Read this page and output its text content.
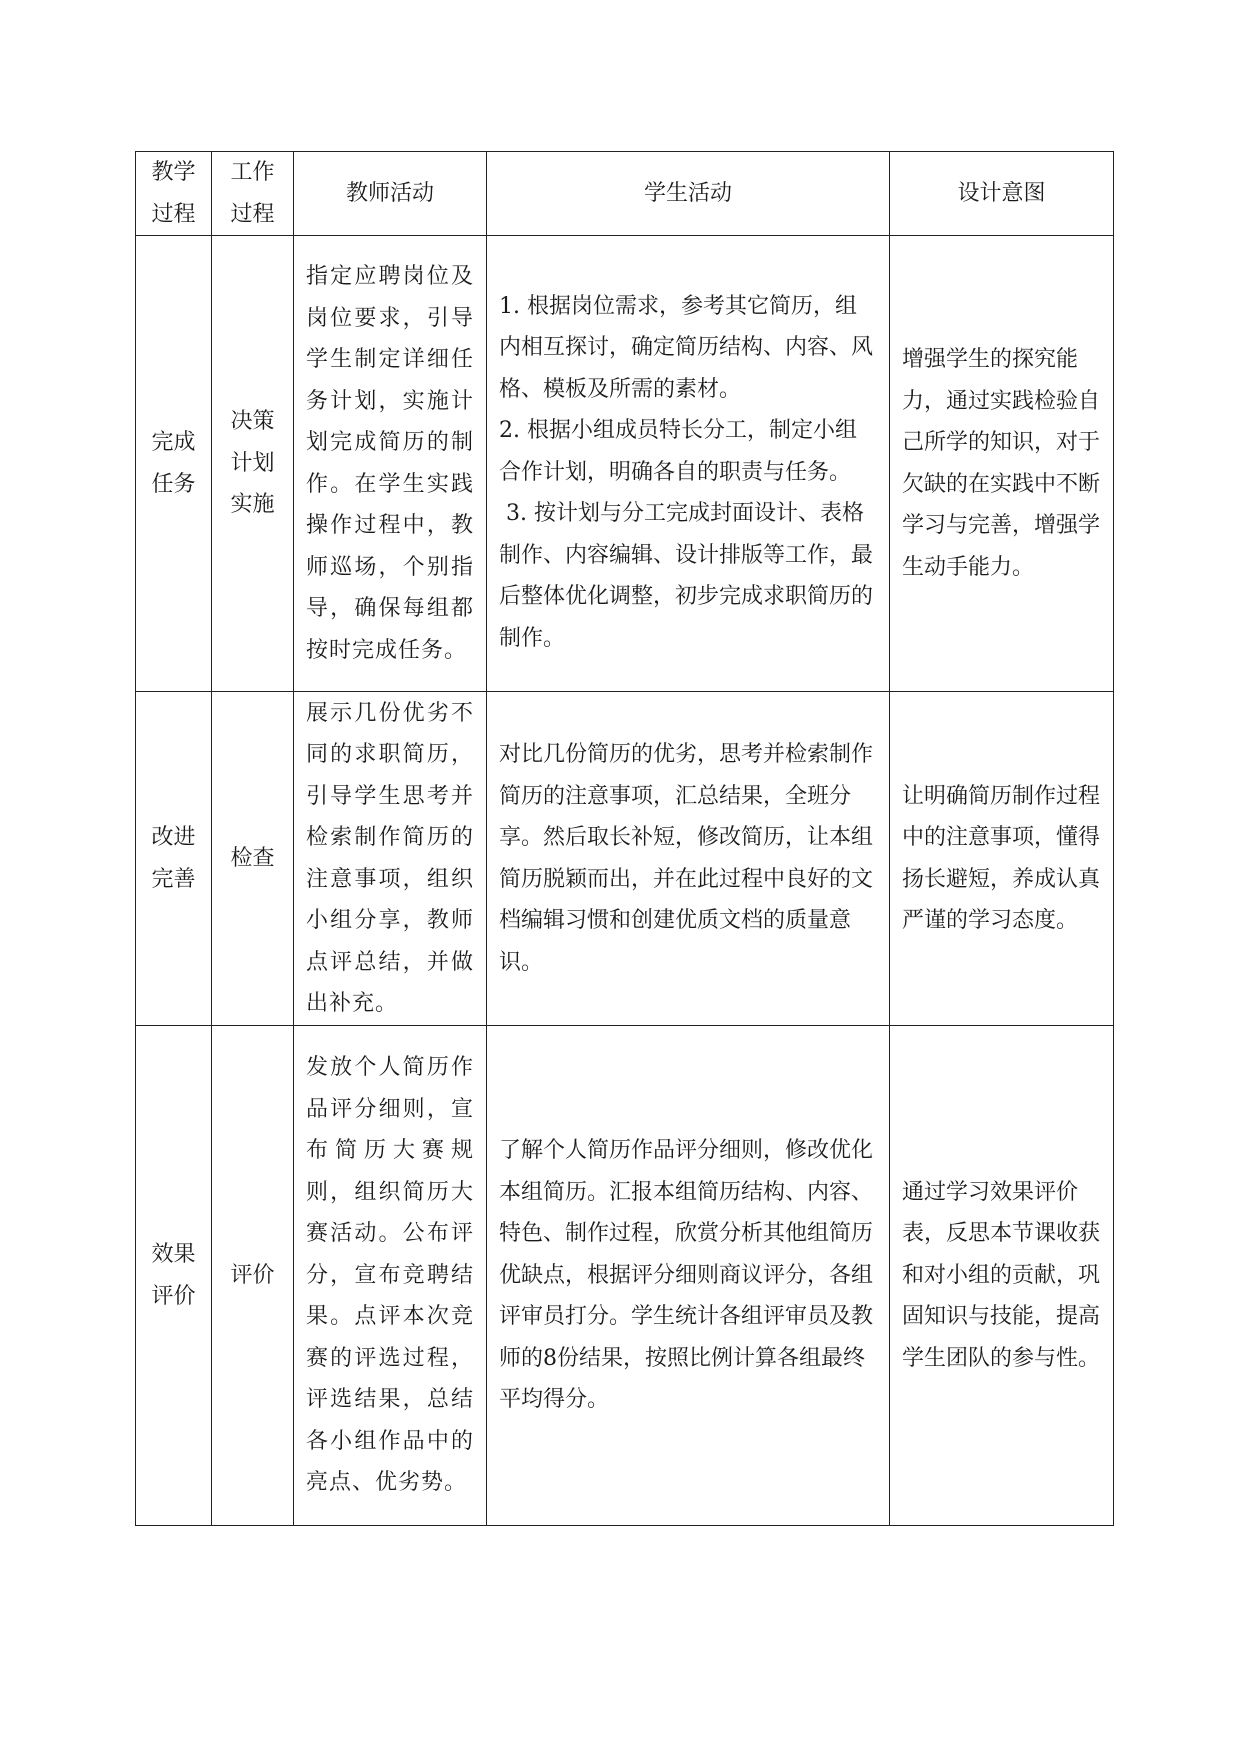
教学
过程	工作
过程	教师活动	学生活动	设计意图

完成
任务	决策
计划
实施	指定应聘岗位及岗位要求，引导学生制定详细任务计划，实施计划完成简历的制作。在学生实践操作过程中，教师巡场，个别指导，确保每组都按时完成任务。	1. 根据岗位需求，参考其它简历，组内相互探讨，确定简历结构、内容、风格、模板及所需的素材。
2. 根据小组成员特长分工，制定小组合作计划，明确各自的职责与任务。
3. 按计划与分工完成封面设计、表格制作、内容编辑、设计排版等工作，最后整体优化调整，初步完成求职简历的制作。	增强学生的探究能力，通过实践检验自己所学的知识，对于欠缺的在实践中不断学习与完善，增强学生动手能力。

改进
完善	检查	展示几份优劣不同的求职简历，引导学生思考并检索制作简历的注意事项，组织小组分享，教师点评总结，并做出补充。	对比几份简历的优劣，思考并检索制作简历的注意事项，汇总结果，全班分享。然后取长补短，修改简历，让本组简历脱颖而出，并在此过程中良好的文档编辑习惯和创建优质文档的质量意识。	让明确简历制作过程中的注意事项，懂得扬长避短，养成认真严谨的学习态度。

效果
评价	评价	发放个人简历作品评分细则，宣布简历大赛规则，组织简历大赛活动。公布评分，宣布竞聘结果。点评本次竞赛的评选过程，评选结果，总结各小组作品中的亮点、优劣势。	了解个人简历作品评分细则，修改优化本组简历。汇报本组简历结构、内容、特色、制作过程，欣赏分析其他组简历优缺点，根据评分细则商议评分，各组评审员打分。学生统计各组评审员及教师的8份结果，按照比例计算各组最终平均得分。	通过学习效果评价表，反思本节课收获和对小组的贡献，巩固知识与技能，提高学生团队的参与性。
